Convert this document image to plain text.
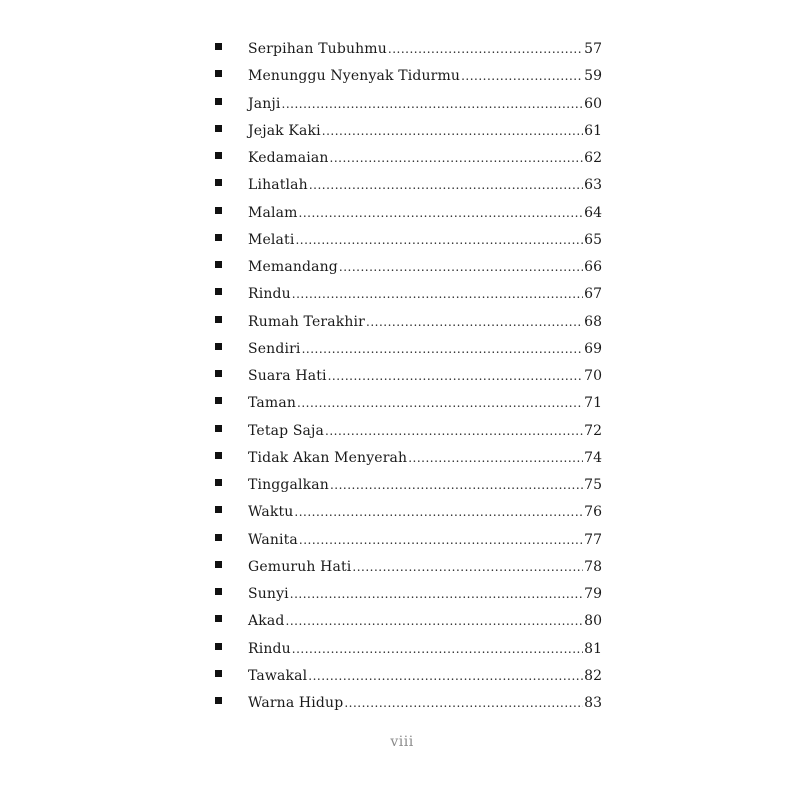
Serpihan Tubuhmu .....	57
Menunggu Nyenyak Tidurmu .....	59
Janji .....	60
Jejak Kaki .....	61
Kedamaian .....	62
Lihatlah .....	63
Malam .....	64
Melati .....	65
Memandang .....	66
Rindu .....	67
Rumah Terakhir .....	68
Sendiri .....	69
Suara Hati .....	70
Taman .....	71
Tetap Saja .....	72
Tidak Akan Menyerah .....	74
Tinggalkan .....	75
Waktu .....	76
Wanita .....	77
Gemuruh Hati .....	78
Sunyi .....	79
Akad .....	80
Rindu .....	81
Tawakal .....	82
Warna Hidup .....	83
viii
